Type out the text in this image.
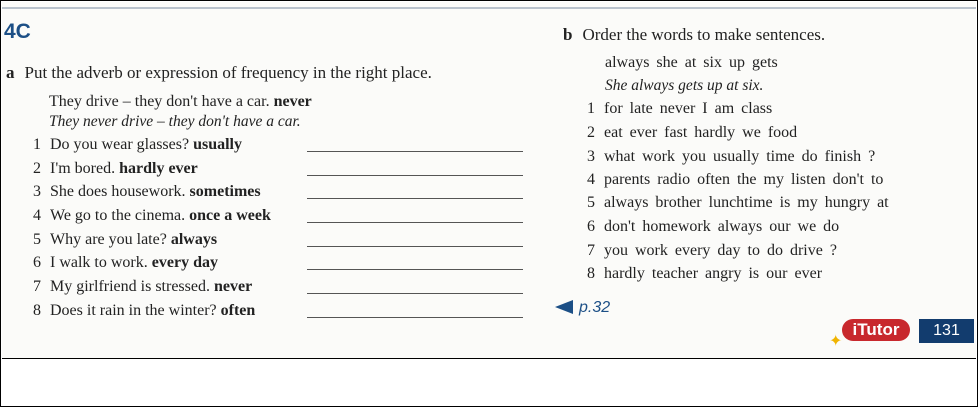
4C
a Put the adverb or expression of frequency in the right place.
They drive – they don't have a car. never
They never drive – they don't have a car.
1 Do you wear glasses? usually
2 I'm bored. hardly ever
3 She does housework. sometimes
4 We go to the cinema. once a week
5 Why are you late? always
6 I walk to work. every day
7 My girlfriend is stressed. never
8 Does it rain in the winter? often
b Order the words to make sentences.
always she at six up gets
She always gets up at six.
1 for late never I am class
2 eat ever fast hardly we food
3 what work you usually time do finish ?
4 parents radio often the my listen don't to
5 always brother lunchtime is my hungry at
6 don't homework always our we do
7 you work every day to do drive ?
8 hardly teacher angry is our ever
p.32
✦
iTutor	131
